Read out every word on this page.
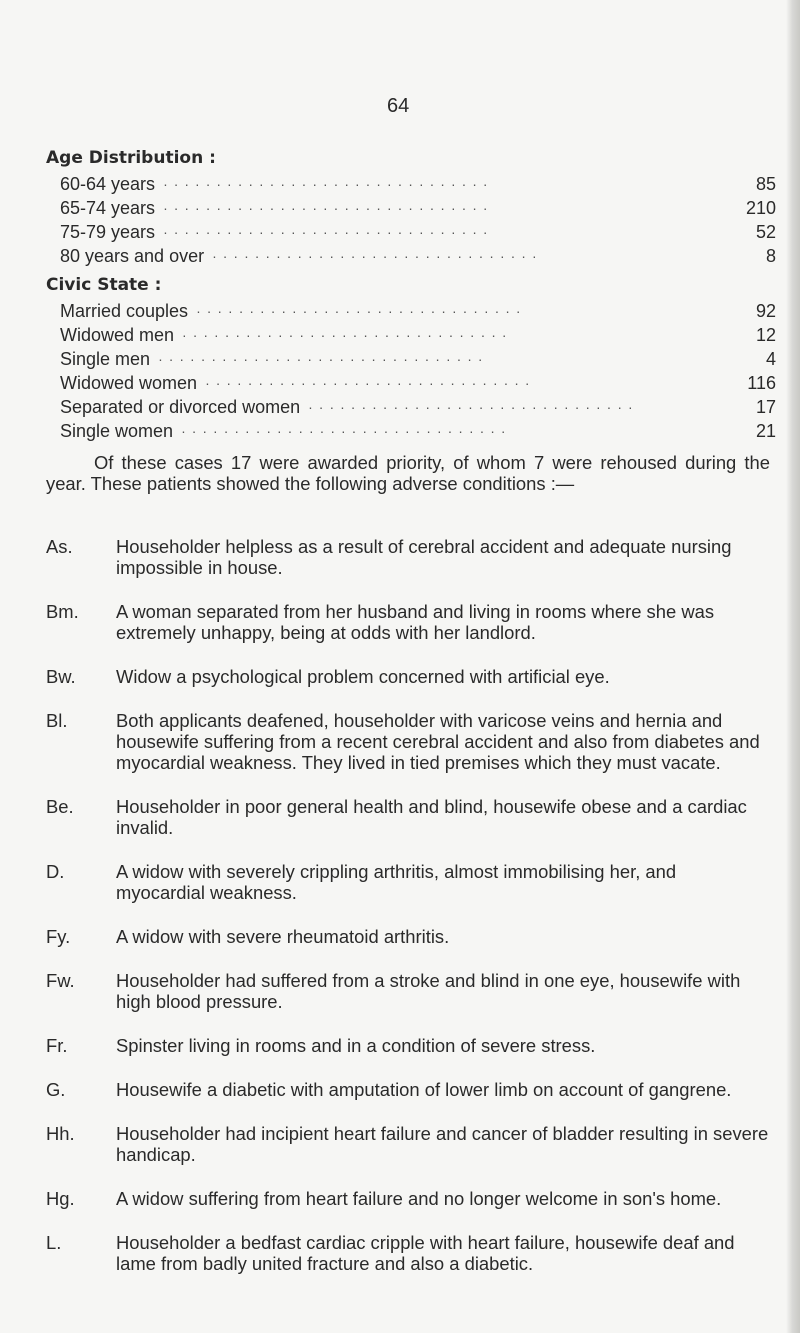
64
Age Distribution :
60-64 years ·······························	85
65-74 years ·······························	210
75-79 years ·······························	52
80 years and over ·······························	8
Civic State :
Married couples ·······························	92
Widowed men ·······························	12
Single men ·······························	4
Widowed women ·······························	116
Separated or divorced women ·······························	17
Single women ·······························	21

Of these cases 17 were awarded priority, of whom 7 were rehoused during the year. These patients showed the following adverse conditions :—

As.	Householder helpless as a result of cerebral accident and adequate nursing impossible in house.
Bm.	A woman separated from her husband and living in rooms where she was extremely unhappy, being at odds with her landlord.
Bw.	Widow a psychological problem concerned with artificial eye.
Bl.	Both applicants deafened, householder with varicose veins and hernia and housewife suffering from a recent cerebral accident and also from diabetes and myocardial weakness. They lived in tied premises which they must vacate.
Be.	Householder in poor general health and blind, housewife obese and a cardiac invalid.
D.	A widow with severely crippling arthritis, almost immobilising her, and myocardial weakness.
Fy.	A widow with severe rheumatoid arthritis.
Fw.	Householder had suffered from a stroke and blind in one eye, housewife with high blood pressure.
Fr.	Spinster living in rooms and in a condition of severe stress.
G.	Housewife a diabetic with amputation of lower limb on account of gangrene.
Hh.	Householder had incipient heart failure and cancer of bladder resulting in severe handicap.
Hg.	A widow suffering from heart failure and no longer welcome in son's home.
L.	Householder a bedfast cardiac cripple with heart failure, housewife deaf and lame from badly united fracture and also a diabetic.
